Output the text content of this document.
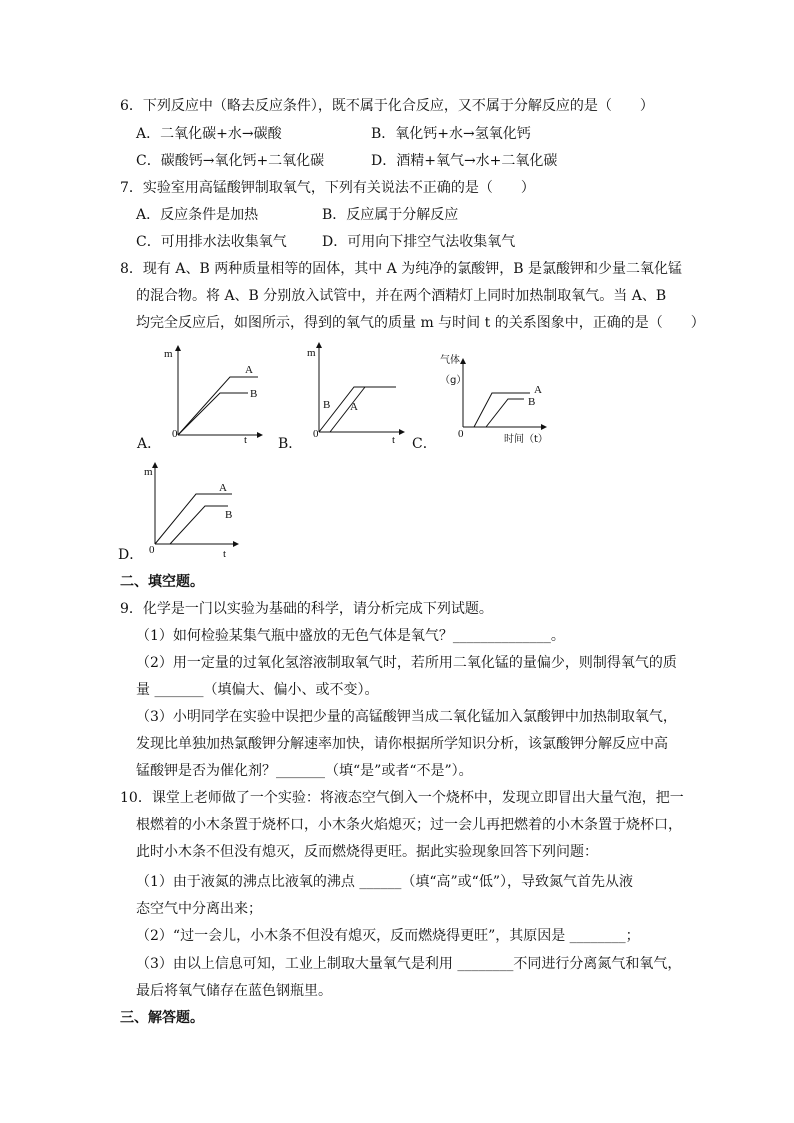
6．下列反应中（略去反应条件），既不属于化合反应，又不属于分解反应的是（　　）
A．二氧化碳+水→碳酸	B．氧化钙+水→氢氧化钙
C．碳酸钙→氧化钙+二氧化碳	D．酒精+氧气→水+二氧化碳
7．实验室用高锰酸钾制取氧气，下列有关说法不正确的是（　　）
A．反应条件是加热	B．反应属于分解反应
C．可用排水法收集氧气	D．可用向下排空气法收集氧气
8．现有 A、B 两种质量相等的固体，其中 A 为纯净的氯酸钾，B 是氯酸钾和少量二氧化锰
的混合物。将 A、B 分别放入试管中，并在两个酒精灯上同时加热制取氧气。当 A、B
均完全反应后，如图所示，得到的氧气的质量 m 与时间 t 的关系图象中，正确的是（　　）
m
0	t
A
B
A．
m
0	t
B A
B．
气体
（g）
0	时间（t）
A
B
C．
m
0	t
A
B
D．
二、填空题。
9．化学是一门以实验为基础的科学，请分析完成下列试题。
（1）如何检验某集气瓶中盛放的无色气体是氧气？______________。
（2）用一定量的过氧化氢溶液制取氧气时，若所用二氧化锰的量偏少，则制得氧气的质
量 _______（填偏大、偏小、或不变）。
（3）小明同学在实验中误把少量的高锰酸钾当成二氧化锰加入氯酸钾中加热制取氧气，
发现比单独加热氯酸钾分解速率加快，请你根据所学知识分析，该氯酸钾分解反应中高
锰酸钾是否为催化剂？_______（填“是”或者“不是”）。
10．课堂上老师做了一个实验：将液态空气倒入一个烧杯中，发现立即冒出大量气泡，把一
根燃着的小木条置于烧杯口，小木条火焰熄灭；过一会儿再把燃着的小木条置于烧杯口，
此时小木条不但没有熄灭，反而燃烧得更旺。据此实验现象回答下列问题：
（1）由于液氮的沸点比液氧的沸点 ______（填“高”或“低”），导致氮气首先从液
态空气中分离出来；
（2）“过一会儿，小木条不但没有熄灭，反而燃烧得更旺”，其原因是 ________；
（3）由以上信息可知，工业上制取大量氧气是利用 ________不同进行分离氮气和氧气，
最后将氧气储存在蓝色钢瓶里。
三、解答题。
